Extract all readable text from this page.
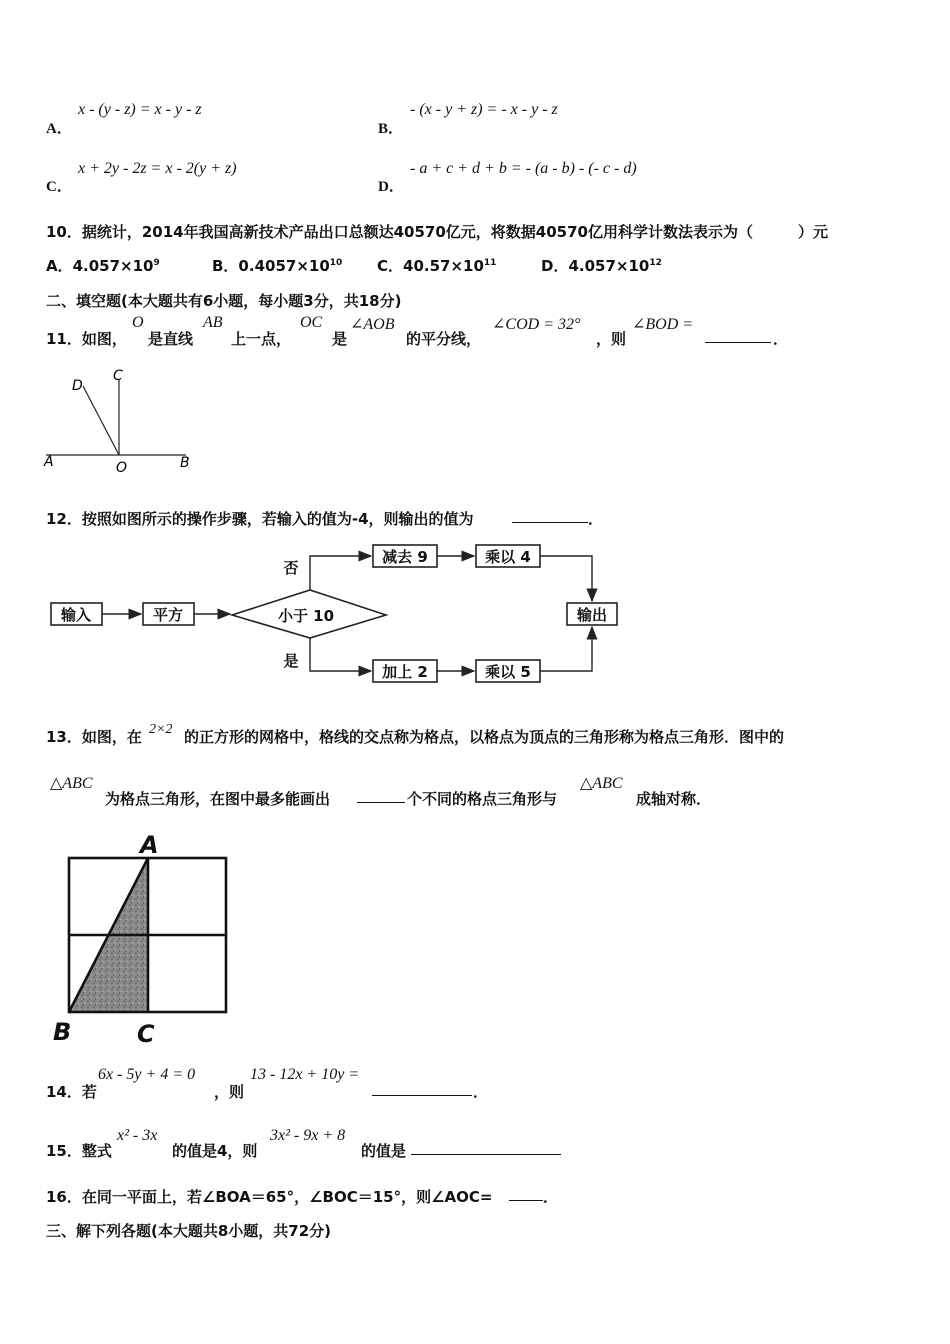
A．
x - (y - z) = x - y - z
B．
- (x - y + z) = - x - y - z
C．
x + 2y - 2z = x - 2(y + z)
D．
- a + c + d + b = - (a - b) - (- c - d)
10．据统计，2014年我国高新技术产品出口总额达40570亿元，将数据40570亿用科学计数法表示为（　　　）元
A．$4.057\times 10^9$	B．$0.4057\times 10^{10}$ C．$40.57\times 10^{11}$	D．$4.057\times 10^{12}$
二、填空题(本大题共有6小题，每小题3分，共18分)
11．如图，
O
是直线
AB
上一点，
OC
是
∠AOB
的平分线，
∠COD = 32°
，则
∠BOD =
．
D
C
A	O	B
12．按照如图所示的操作步骤，若输入的值为-4，则输出的值为	．
输入	平方	小于 10
减去 9	乘以 4
加上 2	乘以 5
输出
否
是
13．如图，在 2×2 的正方形的网格中，格线的交点称为格点，以格点为顶点的三角形称为格点三角形．图中的
△ABC
为格点三角形，在图中最多能画出	个不同的格点三角形与
△ABC
成轴对称．
A
B	C
14．若
6x - 5y + 4 = 0
，则
13 - 12x + 10y =
．
15．整式
x² - 3x
的值是4，则
3x² - 9x + 8
的值是
16．在同一平面上，若∠BOA＝65°，∠BOC＝15°，则∠AOC=	．
三、解下列各题(本大题共8小题，共72分)
